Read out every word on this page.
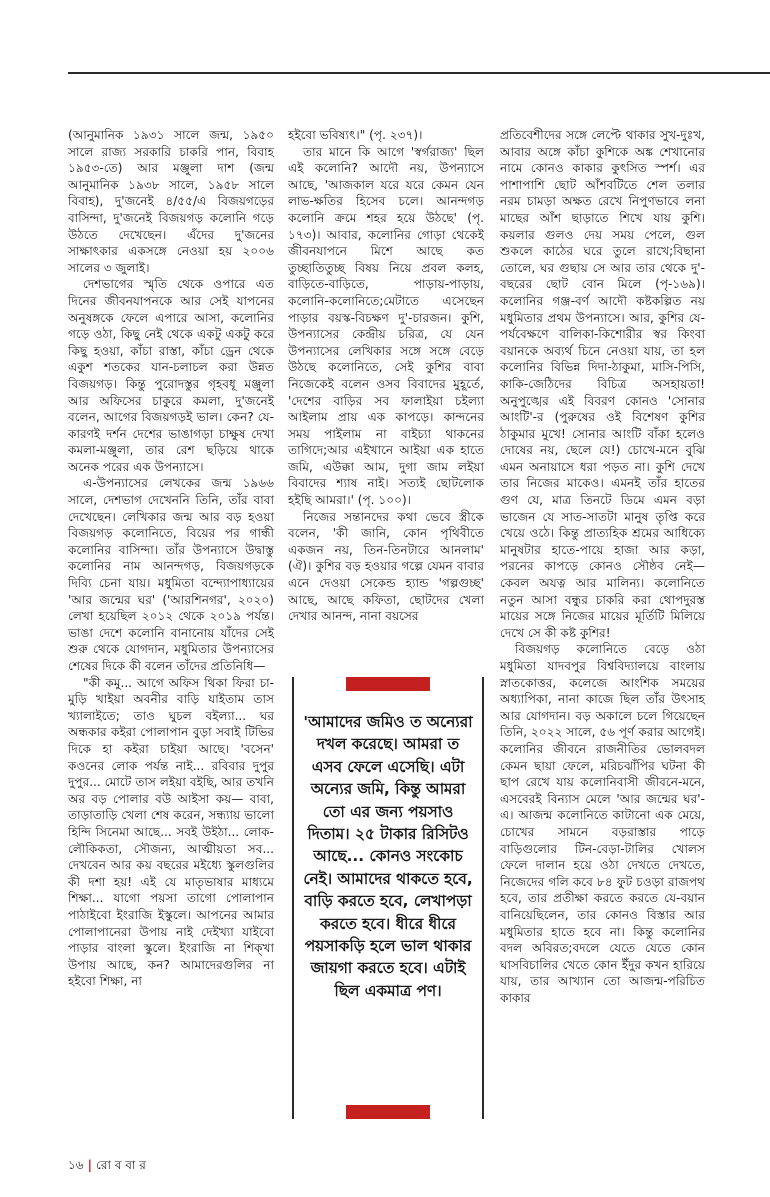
(আনুমানিক ১৯৩১ সালে জন্ম, ১৯৫০ সালে রাজ্য সরকারি চাকরি পান, বিবাহ ১৯৫৩-তে) আর মঞ্জুলা দাশ (জন্ম আনুমানিক ১৯৩৮ সালে, ১৯৫৮ সালে বিবাহ), দু'জনেই ৪/৫৫/এ বিজয়গড়ের বাসিন্দা, দু'জনেই বিজয়গড় কলোনি গড়ে উঠতে দেখেছেন। এঁদের দু'জনের সাক্ষাৎকার একসঙ্গে নেওয়া হয় ২০০৬ সালের ৩ জুলাই।

দেশভাগের স্মৃতি থেকে ওপারে এত দিনের জীবনযাপনকে আর সেই যাপনের অনুষঙ্গকে ফেলে এপারে আসা, কলোনির গড়ে ওঠা, কিছু নেই থেকে একটু একটু করে কিছু হওয়া, কাঁচা রাস্তা, কাঁচা ড্রেন থেকে একুশ শতকের যান-চলাচল করা উন্নত বিজয়গড়। কিন্তু পুরোদস্তুর গৃহবধূ মঞ্জুলা আর অফিসের চাকুরে কমলা, দু'জনেই বলেন, আগের বিজয়গড়ই ভাল। কেন? যে-কারণই দর্শন দেশের ভাঙাগড়া চাক্ষুষ দেখা কমলা-মঞ্জুলা, তার রেশ ছড়িয়ে থাকে অনেক পরের এক উপন্যাসে।

এ-উপন্যাসের লেখকের জন্ম ১৯৬৬ সালে, দেশভাগ দেখেননি তিনি, তাঁর বাবা দেখেছেন। লেখিকার জন্ম আর বড় হওয়া বিজয়গড় কলোনিতে, বিয়ের পর গান্ধী কলোনির বাসিন্দা। তাঁর উপন্যাসে উদ্বাস্তু কলোনির নাম আনন্দগড়, বিজয়গড়কে দিব্যি চেনা যায়। মধুমিতা বন্দ্যোপাধ্যায়ের 'আর জন্মের ঘর' ('আরশিনগর', ২০২০) লেখা হয়েছিল ২০১২ থেকে ২০১৯ পর্যন্ত। ভাঙা দেশে কলোনি বানানোয় যাঁদের সেই শুরু থেকে যোগদান, মধুমিতার উপন্যাসের শেষের দিকে কী বলেন তাঁদের প্রতিনিধি—

"কী কমু... আগে অফিস থিকা ফিরা চা-মুড়ি খাইয়া অবনীর বাড়ি যাইতাম তাস খ্যালাইতে; তাও ঘুচল বইল্যা... ঘর অন্ধকার কইরা পোলাপান বুড়া সবাই টিভির দিকে হা কইরা চাইয়া আছে। 'বসেন' কওনের লোক পর্যন্ত নাই... রবিবার দুপুর দুপুর... মোটে তাস লইয়া বইছি, আর তখনি অর বড় পোলার বউ আইসা কয়— বাবা, তাড়াতাড়ি খেলা শেষ করেন, সন্ধ্যায় ভালো হিন্দি সিনেমা আছে... সবই উইঠা... লোক-লৌকিকতা, সৌজন্য, আত্মীয়তা সব... দেখবেন আর কয় বছরের মইধ্যে স্কুলগুলির কী দশা হয়! এই যে মাতৃভাষার মাধ্যমে শিক্ষা... যাগো পয়সা তাগো পোলাপান পাঠাইবো ইংরাজি ইস্কুলে। আপনের আমার পোলাপানেরা উপায় নাই দেইখ্যা যাইবো পাড়ার বাংলা স্কুলে। ইংরাজি না শিক্‌খা উপায় আছে, কন? আমাদেরগুলির না হইবো শিক্ষা, না

হইবো ভবিষ্যৎ।" (পৃ. ২৩৭)।

তার মানে কি আগে 'স্বর্গরাজ্য' ছিল এই কলোনি? আদৌ নয়, উপন্যাসে আছে, 'আজকাল যরে যরে কেমন যেন লাভ-ক্ষতির হিসেব চলে। আনন্দগড় কলোনি ক্রমে শহর হয়ে উঠছে' (পৃ. ১৭৩)। আবার, কলোনির গোড়া থেকেই জীবনযাপনে মিশে আছে কত তুচ্ছাতিতুচ্ছ বিষয় নিয়ে প্রবল কলহ, বাড়িতে-বাড়িতে, পাড়ায়-পাড়ায়, কলোনি-কলোনিতে;মেটাতে এসেছেন পাড়ার বয়স্ক-বিচক্ষণ দু'-চারজন। কুশি, উপন্যাসের কেন্দ্রীয় চরিত্র, যে যেন উপন্যাসের লেখিকার সঙ্গে সঙ্গে বেড়ে উঠছে কলোনিতে, সেই কুশির বাবা নিজেকেই বলেন ওসব বিবাদের মুহূর্তে, 'দেশের বাড়ির সব ফালাইয়া চইল্যা আইলাম প্রায় এক কাপড়ে। কান্দনের সময় পাইলাম না বাইচ্যা থাকনের তাগিদে;আর এইখানে আইয়া এক হাতে জমি, এউক্কা আম, দুগা জাম লইয়া বিবাদের শ্যাষ নাই। সত্যই ছোটলোক হইছি আমরা।' (পৃ. ১০০)।

নিজের সন্তানদের কথা ভেবে স্ত্রীকে বলেন, 'কী জানি, কোন পৃথিবীতে একজন নয়, তিন-তিনটারে আনলাম' (ঐ)। কুশির বড় হওয়ার গল্পে যেমন বাবার এনে দেওয়া সেকেন্ড হ্যান্ড 'গল্পগুচ্ছ' আছে, আছে কফিতা, ছোটদের খেলা দেখার আনন্দ, নানা বয়সের

'আমাদের জমিও ত অন্যেরা দখল করেছে। আমরা ত এসব ফেলে এসেছি। এটা অন্যের জমি, কিন্তু আমরা তো এর জন্য পয়সাও দিতাম। ২৫ টাকার রিসিটও আছে... কোনও সংকোচ নেই। আমাদের থাকতে হবে, বাড়ি করতে হবে, লেখাপড়া করতে হবে। ধীরে ধীরে পয়সাকড়ি হলে ভাল থাকার জায়গা করতে হবে। এটাই ছিল একমাত্র পণ।

প্রতিবেশীদের সঙ্গে লেপ্টে থাকার সুখ-দুঃখ, আবার অঙ্গে কাঁচা কুশিকে অঙ্ক শেখানোর নামে কোনও কাকার কুৎসিত স্পর্শ। এর পাশাপাশি ছোট আঁশবটিতে শেল তলার নরম চামড়া অক্ষত রেখে নিপুণভাবে লনা মাছের আঁশ ছাড়াতে শিখে যায় কুশি। কয়লার গুলও দেয় সময় পেলে, গুল শুকলে কাঠের ঘরে তুলে রাখে;বিছানা তোলে, ঘর গুছায় সে আর তার থেকে দু'-বছরের ছোট বোন মিলে (পৃ-১৬৯)। কলোনির গঞ্জ-বর্ণ আদৌ কষ্টকল্পিত নয় মধুমিতার প্রথম উপন্যাসে। আর, কুশির যে-পর্যবেক্ষণে বালিকা-কিশোরীর স্বর কিংবা বয়ানকে অব্যর্থ চিনে নেওয়া যায়, তা হল কলোনির বিভিন্ন দিদা-ঠাকুমা, মাসি-পিসি, কাকি-জেঠিদের বিচিত্র অসহায়তা! অনুপুঙ্খের এই বিবরণ কোনও 'সোনার আংটি'-র (পুরুষের ওই বিশেষণ কুশির ঠাকুমার মুখে! সোনার আংটি বাঁকা হলেও দোষের নয়, ছেলে যে!) চোখে-মনে বুঝি এমন অনায়াসে ধরা পড়ত না। কুশি দেখে তার নিজের মাকেও। এমনই তাঁর হাতের গুণ যে, মাত্র তিনটে ডিমে এমন বড়া ভাজেন যে সাত-সাতটা মানুষ তৃপ্তি করে খেয়ে ওঠে। কিন্তু প্রাত্যহিক শ্রমের আধিক্যে মানুষটার হাতে-পায়ে হাজা আর কড়া, পরনের কাপড়ে কোনও সৌষ্ঠব নেই— কেবল অযত্ন আর মালিন্য। কলোনিতে নতুন আসা বন্ধুর চাকরি করা থোপদুরস্ত মায়ের সঙ্গে নিজের মায়ের মূর্তিটি মিলিয়ে দেখে সে কী কষ্ট কুশির!

বিজয়গড় কলোনিতে বেড়ে ওঠা মধুমিতা যাদবপুর বিশ্ববিদ্যালয়ে বাংলায় স্নাতকোত্তর, কলেজে আংশিক সময়ের অধ্যাপিকা, নানা কাজে ছিল তাঁর উৎসাহ আর যোগদান। বড় অকালে চলে গিয়েছেন তিনি, ২০২২ সালে, ৫৬ পূর্ণ করার আগেই। কলোনির জীবনে রাজনীতির ভোলবদল কেমন ছায়া ফেলে, মরিচঝাঁপির ঘটনা কী ছাপ রেখে যায় কলোনিবাসী জীবনে-মনে, এসবেরই বিন্যাস মেলে 'আর জন্মের ঘর'-এ। আজন্ম কলোনিতে কাটানো এক মেয়ে, চোখের সামনে বড়রাস্তার পাড়ে বাড়িগুলোর টিন-বেড়া-টালির খোলস ফেলে দালান হয়ে ওঠা দেখতে দেখতে, নিজেদের গলি কবে ৮৪ ফুট চওড়া রাজপথ হবে, তার প্রতীক্ষা করতে করতে যে-বয়ান বানিয়েছিলেন, তার কোনও বিস্তার আর মধুমিতার হাতে হবে না। কিন্তু কলোনির বদল অবিরত;বদলে যেতে যেতে কোন ঘাসবিচালির খেতে কোন ইঁদুর কখন হারিয়ে যায়, তার আখ্যান তো আজন্ম-পরিচিত কাকার

১৬ | রো ব বা র
